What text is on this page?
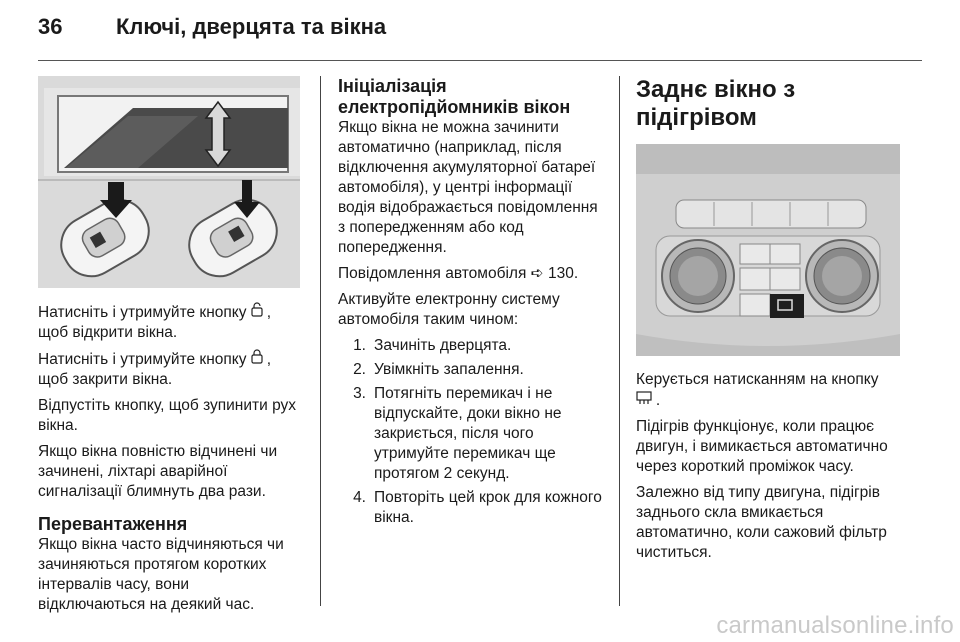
36	Ключі, дверцята та вікна

Натисніть і утримуйте кнопку ,
щоб відкрити вікна.

Натисніть і утримуйте кнопку ,
щоб закрити вікна.

Відпустіть кнопку, щоб зупинити рух вікна.

Якщо вікна повністю відчинені чи зачинені, ліхтарі аварійної сигналізації блимнуть два рази.

Перевантаження

Якщо вікна часто відчиняються чи зачиняються протягом коротких інтервалів часу, вони відключаються на деякий час.

Ініціалізація електропідйомників вікон

Якщо вікна не можна зачинити автоматично (наприклад, після відключення акумуляторної батареї автомобіля), у центрі інформації водія відображається повідомлення з попередженням або код попередження.

Повідомлення автомобіля ➪ 130.

Активуйте електронну систему автомобіля таким чином:

1. Зачиніть дверцята.
2. Увімкніть запалення.
3. Потягніть перемикач і не відпускайте, доки вікно не закриється, після чого утримуйте перемикач ще протягом 2 секунд.
4. Повторіть цей крок для кожного вікна.
Заднє вікно з підігрівом

Керується натисканням на кнопку
.

Підігрів функціонує, коли працює двигун, і вимикається автоматично через короткий проміжок часу.

Залежно від типу двигуна, підігрів заднього скла вмикається автоматично, коли сажовий фільтр чиститься.

carmanualsonline.info
